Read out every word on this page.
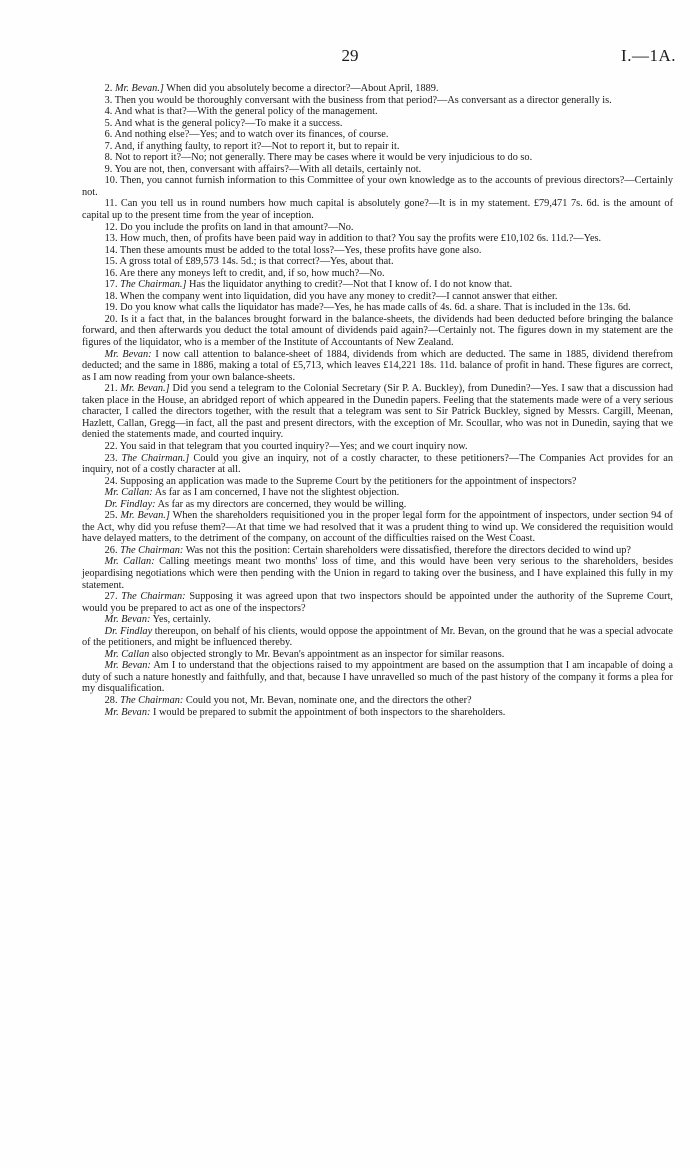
29	I.—1A.

2. Mr. Bevan.] When did you absolutely become a director?—About April, 1889.

3. Then you would be thoroughly conversant with the business from that period?—As conversant as a director generally is.

4. And what is that?—With the general policy of the management.

5. And what is the general policy?—To make it a success.

6. And nothing else?—Yes; and to watch over its finances, of course.

7. And, if anything faulty, to report it?—Not to report it, but to repair it.

8. Not to report it?—No; not generally. There may be cases where it would be very injudicious to do so.

9. You are not, then, conversant with affairs?—With all details, certainly not.

10. Then, you cannot furnish information to this Committee of your own knowledge as to the accounts of previous directors?—Certainly not.

11. Can you tell us in round numbers how much capital is absolutely gone?—It is in my statement. £79,471 7s. 6d. is the amount of capital up to the present time from the year of inception.

12. Do you include the profits on land in that amount?—No.

13. How much, then, of profits have been paid way in addition to that? You say the profits were £10,102 6s. 11d.?—Yes.

14. Then these amounts must be added to the total loss?—Yes, these profits have gone also.

15. A gross total of £89,573 14s. 5d.; is that correct?—Yes, about that.

16. Are there any moneys left to credit, and, if so, how much?—No.

17. The Chairman.] Has the liquidator anything to credit?—Not that I know of. I do not know that.

18. When the company went into liquidation, did you have any money to credit?—I cannot answer that either.

19. Do you know what calls the liquidator has made?—Yes, he has made calls of 4s. 6d. a share. That is included in the 13s. 6d.

20. Is it a fact that, in the balances brought forward in the balance-sheets, the dividends had been deducted before bringing the balance forward, and then afterwards you deduct the total amount of dividends paid again?—Certainly not. The figures down in my statement are the figures of the liquidator, who is a member of the Institute of Accountants of New Zealand.

Mr. Bevan: I now call attention to balance-sheet of 1884, dividends from which are deducted. The same in 1885, dividend therefrom deducted; and the same in 1886, making a total of £5,713, which leaves £14,221 18s. 11d. balance of profit in hand. These figures are correct, as I am now reading from your own balance-sheets.

21. Mr. Bevan.] Did you send a telegram to the Colonial Secretary (Sir P. A. Buckley), from Dunedin?—Yes. I saw that a discussion had taken place in the House, an abridged report of which appeared in the Dunedin papers. Feeling that the statements made were of a very serious character, I called the directors together, with the result that a telegram was sent to Sir Patrick Buckley, signed by Messrs. Cargill, Meenan, Hazlett, Callan, Gregg—in fact, all the past and present directors, with the exception of Mr. Scoullar, who was not in Dunedin, saying that we denied the statements made, and courted inquiry.

22. You said in that telegram that you courted inquiry?—Yes; and we court inquiry now.

23. The Chairman.] Could you give an inquiry, not of a costly character, to these petitioners?—The Companies Act provides for an inquiry, not of a costly character at all.

24. Supposing an application was made to the Supreme Court by the petitioners for the appointment of inspectors?

Mr. Callan: As far as I am concerned, I have not the slightest objection.

Dr. Findlay: As far as my directors are concerned, they would be willing.

25. Mr. Bevan.] When the shareholders requisitioned you in the proper legal form for the appointment of inspectors, under section 94 of the Act, why did you refuse them?—At that time we had resolved that it was a prudent thing to wind up. We considered the requisition would have delayed matters, to the detriment of the company, on account of the difficulties raised on the West Coast.

26. The Chairman: Was not this the position: Certain shareholders were dissatisfied, therefore the directors decided to wind up?

Mr. Callan: Calling meetings meant two months' loss of time, and this would have been very serious to the shareholders, besides jeopardising negotiations which were then pending with the Union in regard to taking over the business, and I have explained this fully in my statement.

27. The Chairman: Supposing it was agreed upon that two inspectors should be appointed under the authority of the Supreme Court, would you be prepared to act as one of the inspectors?

Mr. Bevan: Yes, certainly.

Dr. Findlay thereupon, on behalf of his clients, would oppose the appointment of Mr. Bevan, on the ground that he was a special advocate of the petitioners, and might be influenced thereby.

Mr. Callan also objected strongly to Mr. Bevan's appointment as an inspector for similar reasons.

Mr. Bevan: Am I to understand that the objections raised to my appointment are based on the assumption that I am incapable of doing a duty of such a nature honestly and faithfully, and that, because I have unravelled so much of the past history of the company it forms a plea for my disqualification.

28. The Chairman: Could you not, Mr. Bevan, nominate one, and the directors the other?

Mr. Bevan: I would be prepared to submit the appointment of both inspectors to the shareholders.
